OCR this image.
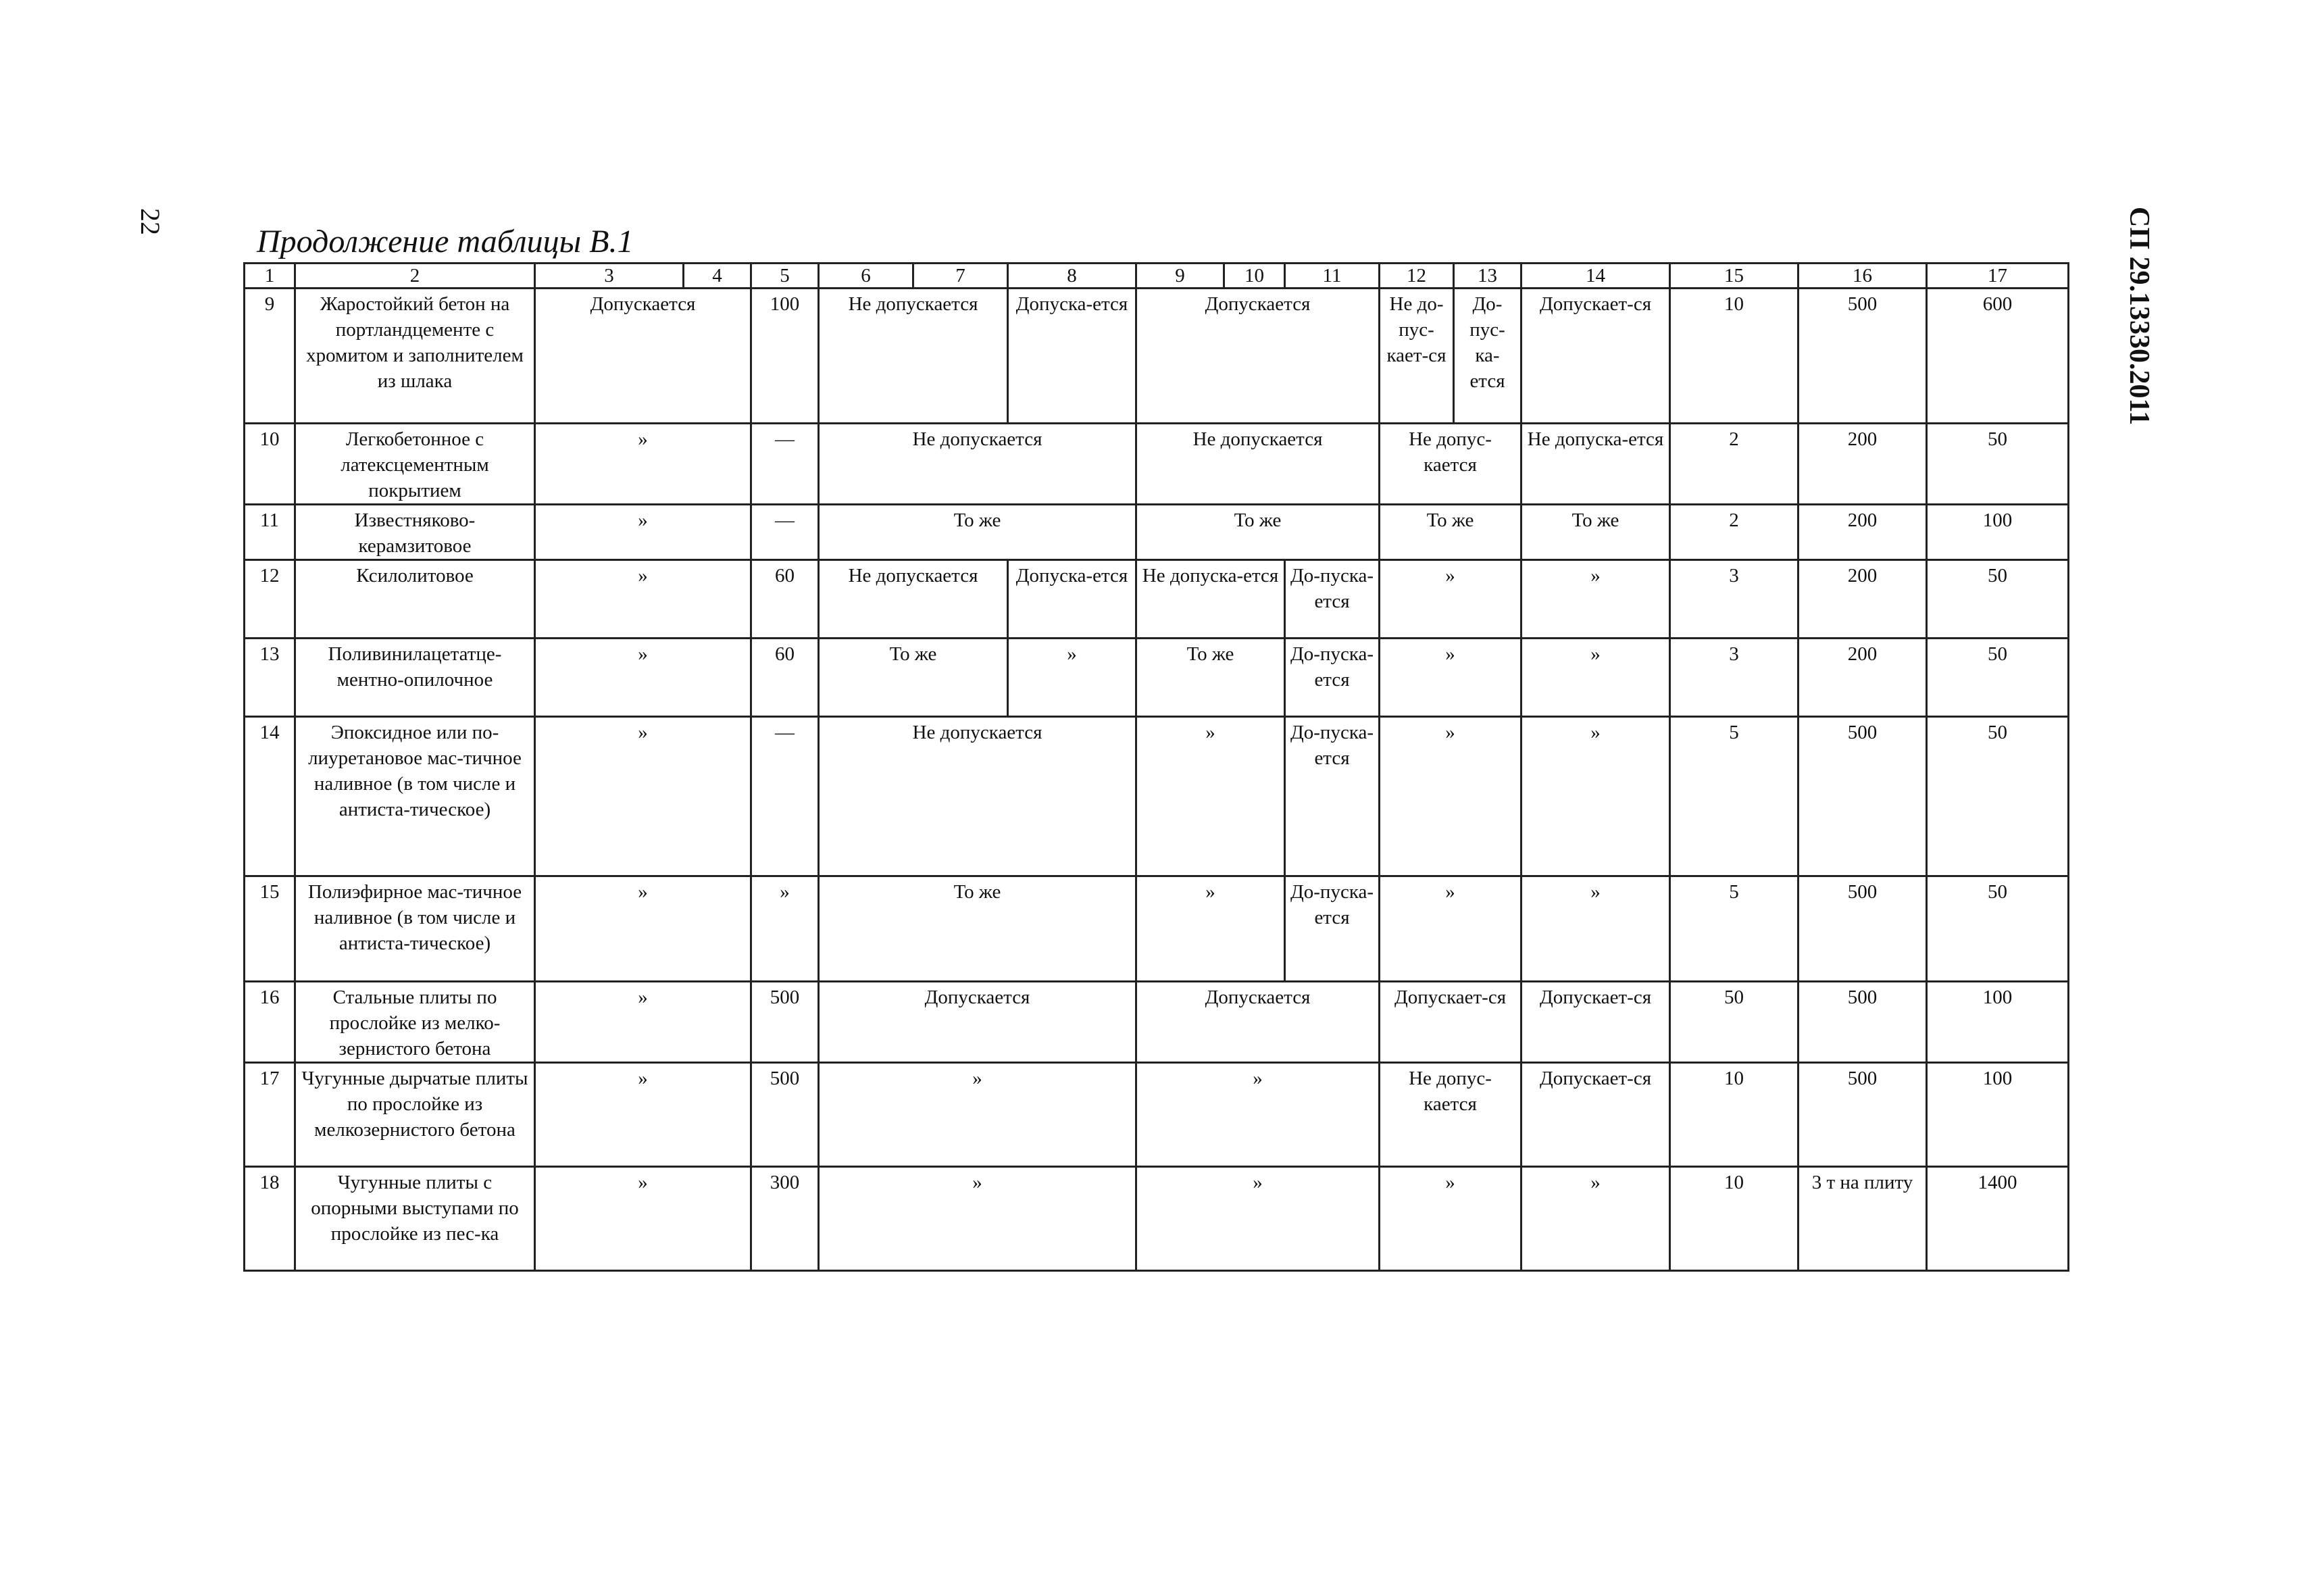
22	СП 29.13330.2011
Продолжение таблицы В.1
1	2	3	4	5	6	7	8	9	10	11	12	13	14	15	16	17
9	Жаростойкий бетон на портландцементе с хромитом и заполнителем из шлака	Допускается		100	Не допускается		Допуска-ется	Допускается			Не до-пус-кает-ся	До-пус-ка-ется	Допускает-ся	10	500	600
10	Легкобетонное с латексцементным покрытием	»		—	Не допускается			Не допускается			Не допус-кается		Не допуска-ется	2	200	50
11	Известняково-керамзитовое	»		—	То же			То же			То же		То же	2	200	100
12	Ксилолитовое	»		60	Не допускается		Допуска-ется	Не допуска-ется		До-пуска-ется	»		»	3	200	50
13	Поливинилацетатце-ментно-опилочное	»		60	То же		»	То же		До-пуска-ется	»		»	3	200	50
14	Эпоксидное или по-лиуретановое мас-тичное наливное (в том числе и антиста-тическое)	»		—	Не допускается			»		До-пуска-ется	»		»	5	500	50
15	Полиэфирное мас-тичное наливное (в том числе и антиста-тическое)	»		»	То же			»		До-пуска-ется	»		»	5	500	50
16	Стальные плиты по прослойке из мелко-зернистого бетона	»		500	Допускается			Допускается			Допускает-ся		Допускает-ся	50	500	100
17	Чугунные дырчатые плиты по прослойке из мелкозернистого бетона	»		500	»			»			Не допус-кается		Допускает-ся	10	500	100
18	Чугунные плиты с опорными выступами по прослойке из пес-ка	»		300	»			»			»		»	10	3 т на плиту	1400
